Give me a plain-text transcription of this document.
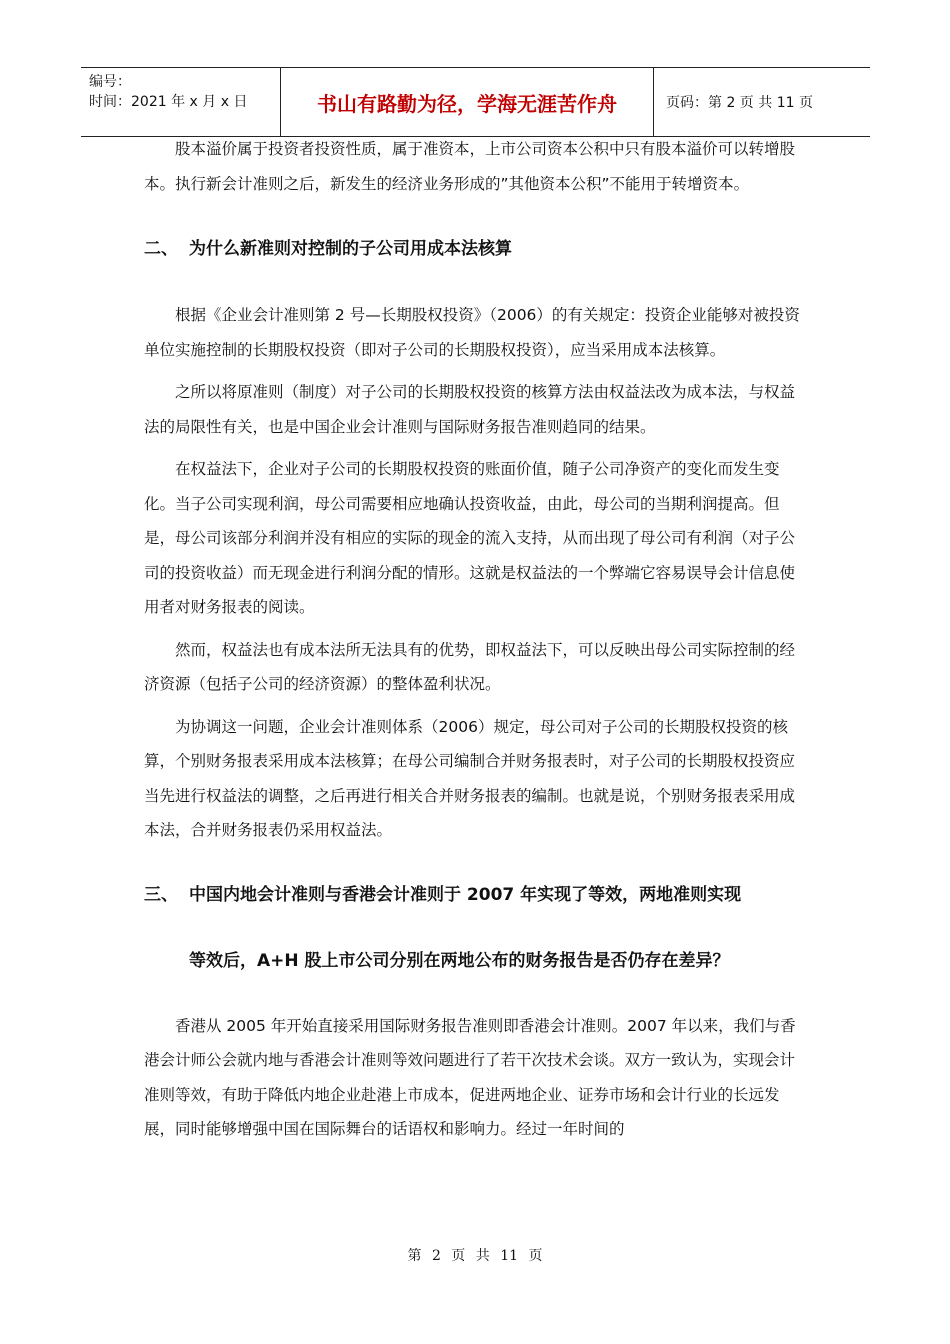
编号：
时间：2021 年 x 月 x 日	书山有路勤为径，学海无涯苦作舟	页码：第 2 页 共 11 页

股本溢价属于投资者投资性质，属于准资本，上市公司资本公积中只有股本溢价可以转增股本。执行新会计准则之后，新发生的经济业务形成的”其他资本公积”不能用于转增资本。

二、 为什么新准则对控制的子公司用成本法核算

根据《企业会计准则第 2 号—长期股权投资》（2006）的有关规定：投资企业能够对被投资单位实施控制的长期股权投资（即对子公司的长期股权投资），应当采用成本法核算。

之所以将原准则（制度）对子公司的长期股权投资的核算方法由权益法改为成本法，与权益法的局限性有关，也是中国企业会计准则与国际财务报告准则趋同的结果。

在权益法下，企业对子公司的长期股权投资的账面价值，随子公司净资产的变化而发生变化。当子公司实现利润，母公司需要相应地确认投资收益，由此，母公司的当期利润提高。但是，母公司该部分利润并没有相应的实际的现金的流入支持，从而出现了母公司有利润（对子公司的投资收益）而无现金进行利润分配的情形。这就是权益法的一个弊端它容易误导会计信息使用者对财务报表的阅读。

然而，权益法也有成本法所无法具有的优势，即权益法下，可以反映出母公司实际控制的经济资源（包括子公司的经济资源）的整体盈利状况。

为协调这一问题，企业会计准则体系（2006）规定，母公司对子公司的长期股权投资的核算，个别财务报表采用成本法核算；在母公司编制合并财务报表时，对子公司的长期股权投资应当先进行权益法的调整，之后再进行相关合并财务报表的编制。也就是说，个别财务报表采用成本法，合并财务报表仍采用权益法。

三、 中国内地会计准则与香港会计准则于 2007 年实现了等效，两地准则实现
等效后，A+H 股上市公司分别在两地公布的财务报告是否仍存在差异？

香港从 2005 年开始直接采用国际财务报告准则即香港会计准则。2007 年以来，我们与香港会计师公会就内地与香港会计准则等效问题进行了若干次技术会谈。双方一致认为，实现会计准则等效，有助于降低内地企业赴港上市成本，促进两地企业、证券市场和会计行业的长远发展，同时能够增强中国在国际舞台的话语权和影响力。经过一年时间的

第 2 页 共 11 页
